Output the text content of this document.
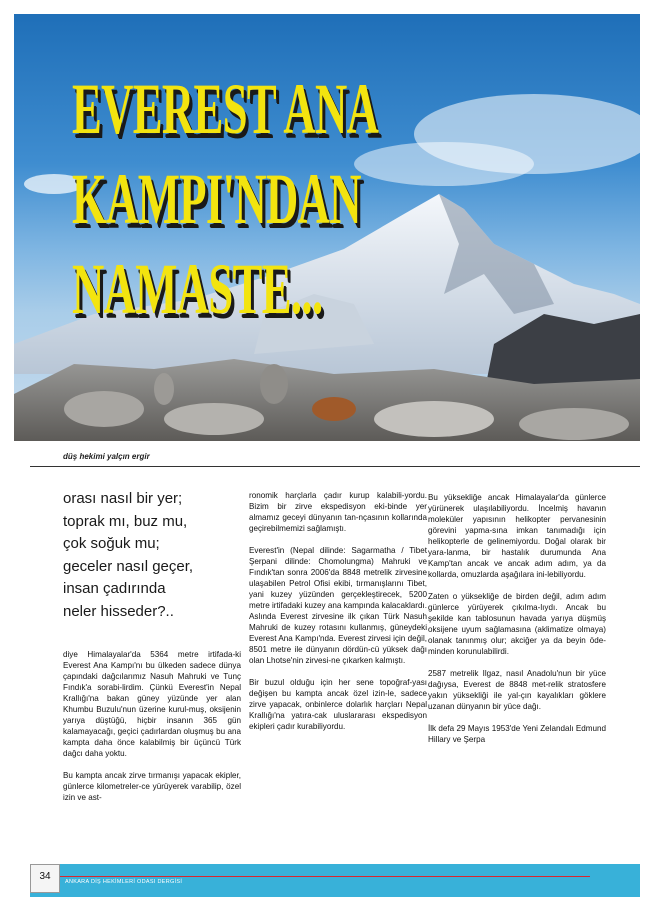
EVEREST ANA
KAMPI'NDAN
NAMASTE...
düş hekimi yalçın ergir
orası nasıl bir yer;
toprak mı, buz mu,
çok soğuk mu;
geceler nasıl geçer,
insan çadırında
neler hisseder?..

diye Himalayalar'da 5364 metre irtifada-ki Everest Ana Kampı'nı bu ülkeden sadece dünya çapındaki dağcılarımız Nasuh Mahruki ve Tunç Fındık'a sorabi-lirdim. Çünkü Everest'in Nepal Krallığı'na bakan güney yüzünde yer alan Khumbu Buzulu'nun üzerine kurul-muş, oksijenin yarıya düştüğü, hiçbir insanın 365 gün kalamayacağı, geçici çadırlardan oluşmuş bu ana kampta daha önce kalabilmiş bir üçüncü Türk dağcı daha yoktu.

Bu kampta ancak zirve tırmanışı yapacak ekipler, günlerce kilometreler-ce yürüyerek varabilip, özel izin ve ast-

ronomik harçlarla çadır kurup kalabili-yordu. Bizim bir zirve ekspedisyon eki-binde yer almamız geceyi dünyanın tan-nçasının kollarında geçirebilmemizi sağlamıştı.

Everest'in (Nepal dilinde: Sagarmatha / Tibet Şerpani dilinde: Chomolungma) Mahruki ve Fındık'tan sonra 2006'da 8848 metrelik zirvesine ulaşabilen Petrol Ofisi ekibi, tırmanışlarını Tibet, yani kuzey yüzünden gerçekleştirecek, 5200 metre irtifadaki kuzey ana kampında kalacaklardı. Aslında Everest zirvesine ilk çıkan Türk Nasuh Mahruki de kuzey rotasını kullanmış, güneydeki Everest Ana Kampı'nda. Everest zirvesi için değil, 8501 metre ile dünyanın dördün-cü yüksek dağı olan Lhotse'nin zirvesi-ne çıkarken kalmıştı.

Bir buzul olduğu için her sene topoğraf-yası değişen bu kampta ancak özel izin-le, sadece zirve yapacak, onbinlerce dolarlık harçları Nepal Krallığı'na yatıra-cak uluslararası ekspedisyon ekipleri çadır kurabiliyordu.

Bu yüksekliğe ancak Himalayalar'da günlerce yürünerek ulaşılabiliyordu. İncelmiş havanın moleküler yapısının helikopter pervanesinin görevini yapma-sına imkan tanımadığı için helikopterle de gelinemiyordu. Doğal olarak bir yara-lanma, bir hastalık durumunda Ana Kamp'tan ancak ve ancak adım adım, ya da kollarda, omuzlarda aşağılara ini-lebiliyordu.

Zaten o yüksekliğe de birden değil, adım adım günlerce yürüyerek çıkılma-lıydı. Ancak bu şekilde kan tablosunun havada yarıya düşmüş oksijene uyum sağlamasına (aklimatize olmaya) olanak tanınmış olur; akciğer ya da beyin öde-minden korunulabilirdi.

2587 metrelik Ilgaz, nasıl Anadolu'nun bir yüce dağıysa, Everest de 8848 met-relik stratosfere yakın yüksekliği ile yal-çın kayalıkları göklere uzanan dünyanın bir yüce dağı.

İlk defa 29 Mayıs 1953'de Yeni Zelandalı Edmund Hillary ve Şerpa

34	ANKARA DİŞ HEKİMLERİ ODASI DERGİSİ
